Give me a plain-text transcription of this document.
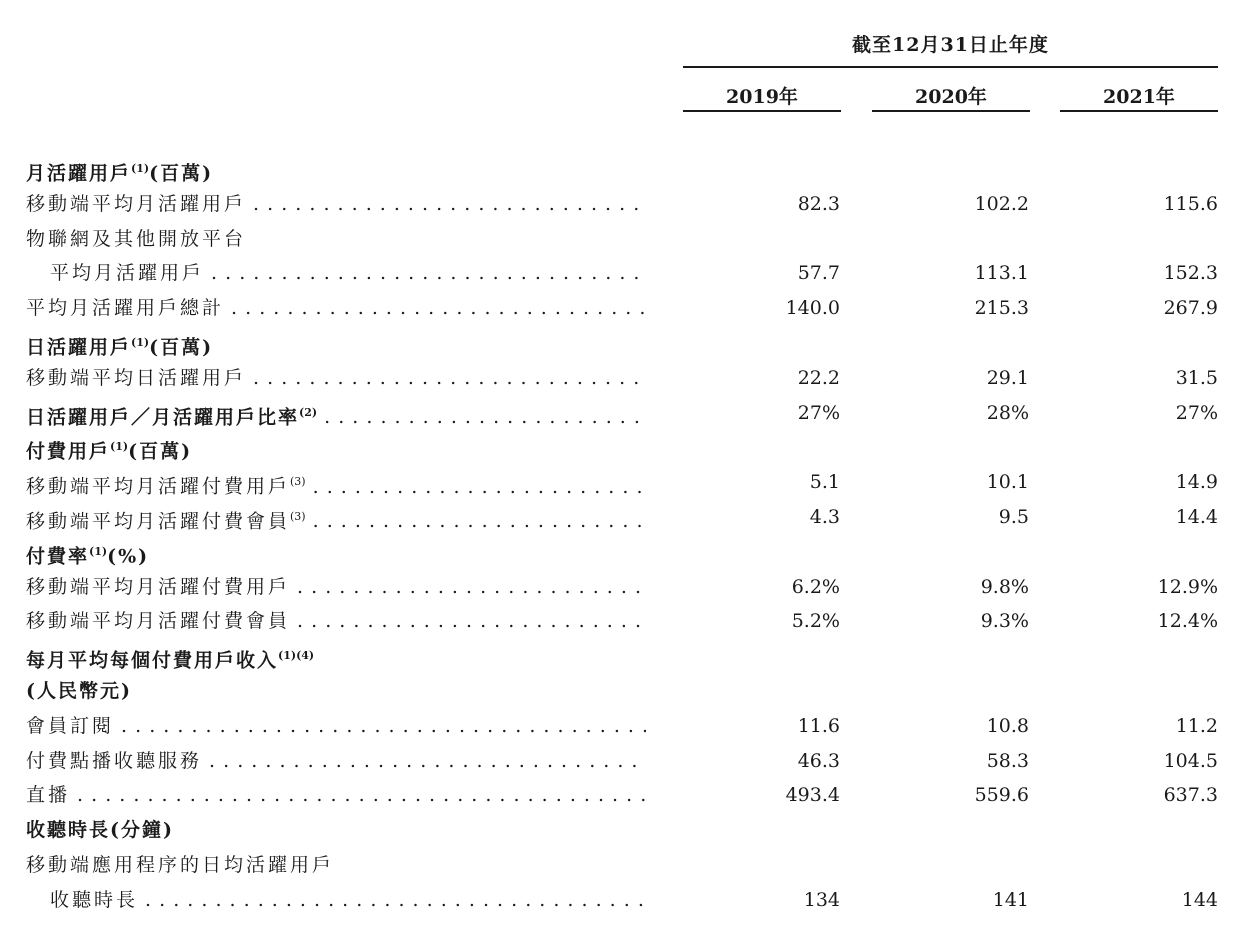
截至12月31日止年度
2019年	2020年	2021年
月活躍用戶$^{(1)}$(百萬)
移動端平均月活躍用戶 . . .	82.3	102.2	115.6
物聯網及其他開放平台
平均月活躍用戶 . . .	57.7	113.1	152.3
平均月活躍用戶總計 . . .	140.0	215.3	267.9
日活躍用戶$^{(1)}$(百萬)
移動端平均日活躍用戶 . . .	22.2	29.1	31.5
日活躍用戶／月活躍用戶比率$^{(2)}$ . . .	27%	28%	27%
付費用戶$^{(1)}$(百萬)
移動端平均月活躍付費用戶$^{(3)}$ . . .	5.1	10.1	14.9
移動端平均月活躍付費會員$^{(3)}$ . . .	4.3	9.5	14.4
付費率$^{(1)}$(%)
移動端平均月活躍付費用戶 . . .	6.2%	9.8%	12.9%
移動端平均月活躍付費會員 . . .	5.2%	9.3%	12.4%
每月平均每個付費用戶收入$^{(1)(4)}$
(人民幣元)
會員訂閱 . . .	11.6	10.8	11.2
付費點播收聽服務 . . .	46.3	58.3	104.5
直播 . . .	493.4	559.6	637.3
收聽時長(分鐘)
移動端應用程序的日均活躍用戶
收聽時長 . . .	134	141	144
